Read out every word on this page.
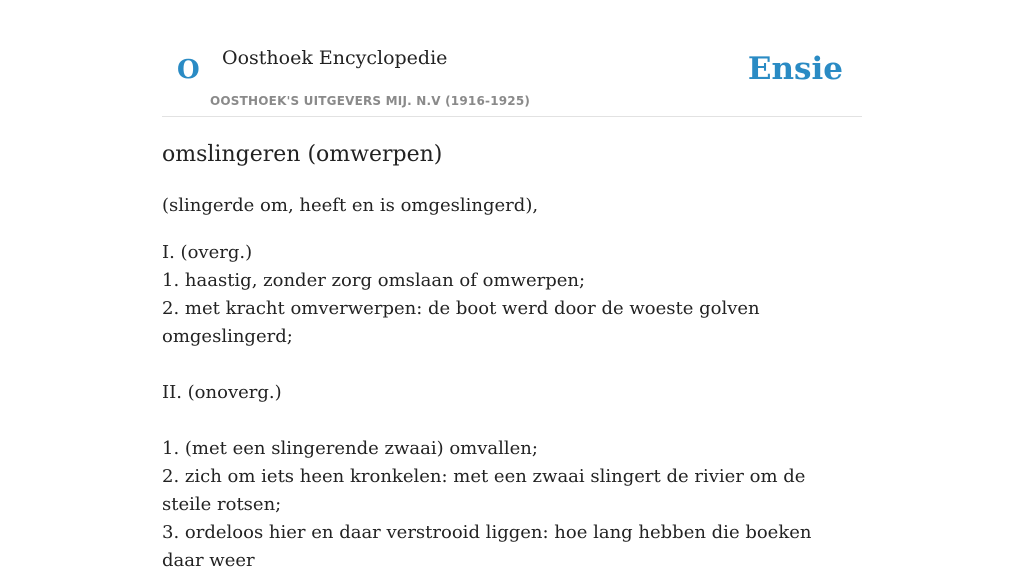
O Oosthoek Encyclopedie
OOSTHOEK'S UITGEVERS MIJ. N.V (1916-1925)
Ensie
omslingeren (omwerpen)
(slingerde om, heeft en is omgeslingerd),
I. (overg.)
1. haastig, zonder zorg omslaan of omwerpen;
2. met kracht omverwerpen: de boot werd door de woeste golven omgeslingerd;
II. (onoverg.)
1. (met een slingerende zwaai) omvallen;
2. zich om iets heen kronkelen: met een zwaai slingert de rivier om de steile rotsen;
3. ordeloos hier en daar verstrooid liggen: hoe lang hebben die boeken daar weer
